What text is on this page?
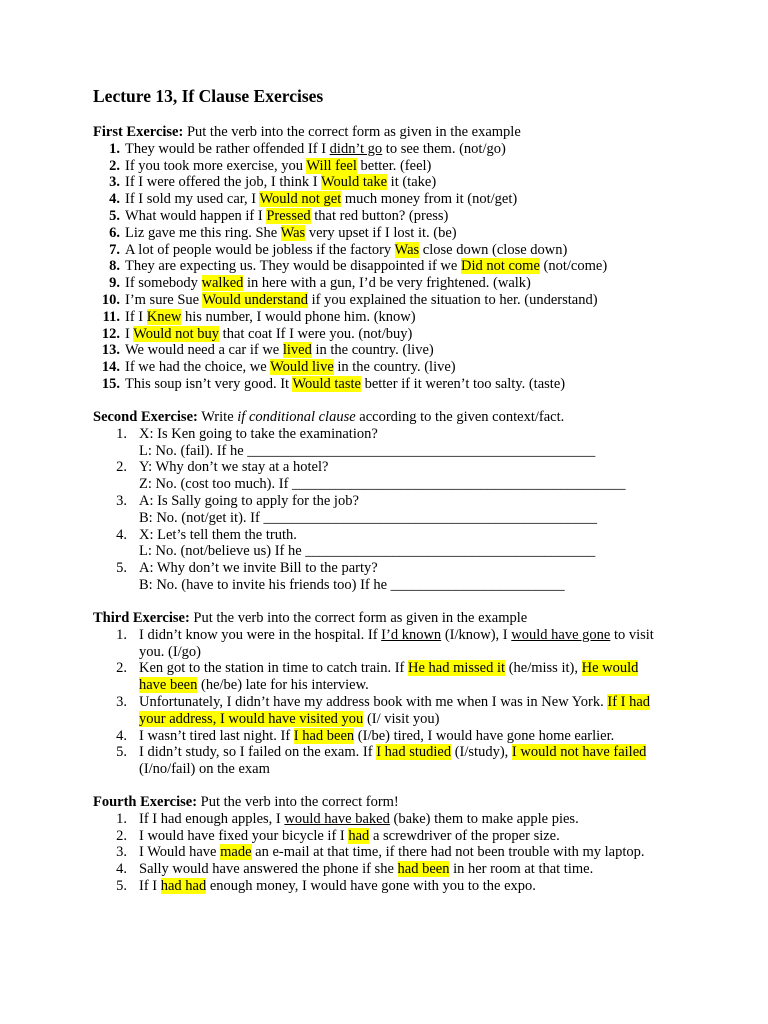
Lecture 13, If Clause Exercises
First Exercise: Put the verb into the correct form as given in the example
1. They would be rather offended If I didn’t go to see them. (not/go)
2. If you took more exercise, you Will feel better. (feel)
3. If I were offered the job, I think I Would take it (take)
4. If I sold my used car, I Would not get much money from it (not/get)
5. What would happen if I Pressed that red button? (press)
6. Liz gave me this ring. She Was very upset if I lost it. (be)
7. A lot of people would be jobless if the factory Was close down (close down)
8. They are expecting us. They would be disappointed if we Did not come (not/come)
9. If somebody walked in here with a gun, I’d be very frightened. (walk)
10. I’m sure Sue Would understand if you explained the situation to her. (understand)
11. If I Knew his number, I would phone him. (know)
12. I Would not buy that coat If I were you. (not/buy)
13. We would need a car if we lived in the country. (live)
14. If we had the choice, we Would live in the country. (live)
15. This soup isn’t very good. It Would taste better if it weren’t too salty. (taste)
Second Exercise: Write if conditional clause according to the given context/fact.
1. X: Is Ken going to take the examination?
L: No. (fail). If he ________________________________________________
2. Y: Why don’t we stay at a hotel?
Z: No. (cost too much). If ______________________________________________
3. A: Is Sally going to apply for the job?
B: No. (not/get it). If ______________________________________________
4. X: Let’s tell them the truth.
L: No. (not/believe us) If he ________________________________________
5. A: Why don’t we invite Bill to the party?
B: No. (have to invite his friends too) If he ________________________
Third Exercise: Put the verb into the correct form as given in the example
1. I didn’t know you were in the hospital. If I’d known (I/know), I would have gone to visit you. (I/go)
2. Ken got to the station in time to catch train. If He had missed it (he/miss it), He would have been (he/be) late for his interview.
3. Unfortunately, I didn’t have my address book with me when I was in New York. If I had your address, I would have visited you (I/ visit you)
4. I wasn’t tired last night. If I had been (I/be) tired, I would have gone home earlier.
5. I didn’t study, so I failed on the exam. If I had studied (I/study), I would not have failed (I/no/fail) on the exam
Fourth Exercise: Put the verb into the correct form!
1. If I had enough apples, I would have baked (bake) them to make apple pies.
2. I would have fixed your bicycle if I had a screwdriver of the proper size.
3. I Would have made an e-mail at that time, if there had not been trouble with my laptop.
4. Sally would have answered the phone if she had been in her room at that time.
5. If I had had enough money, I would have gone with you to the expo.
